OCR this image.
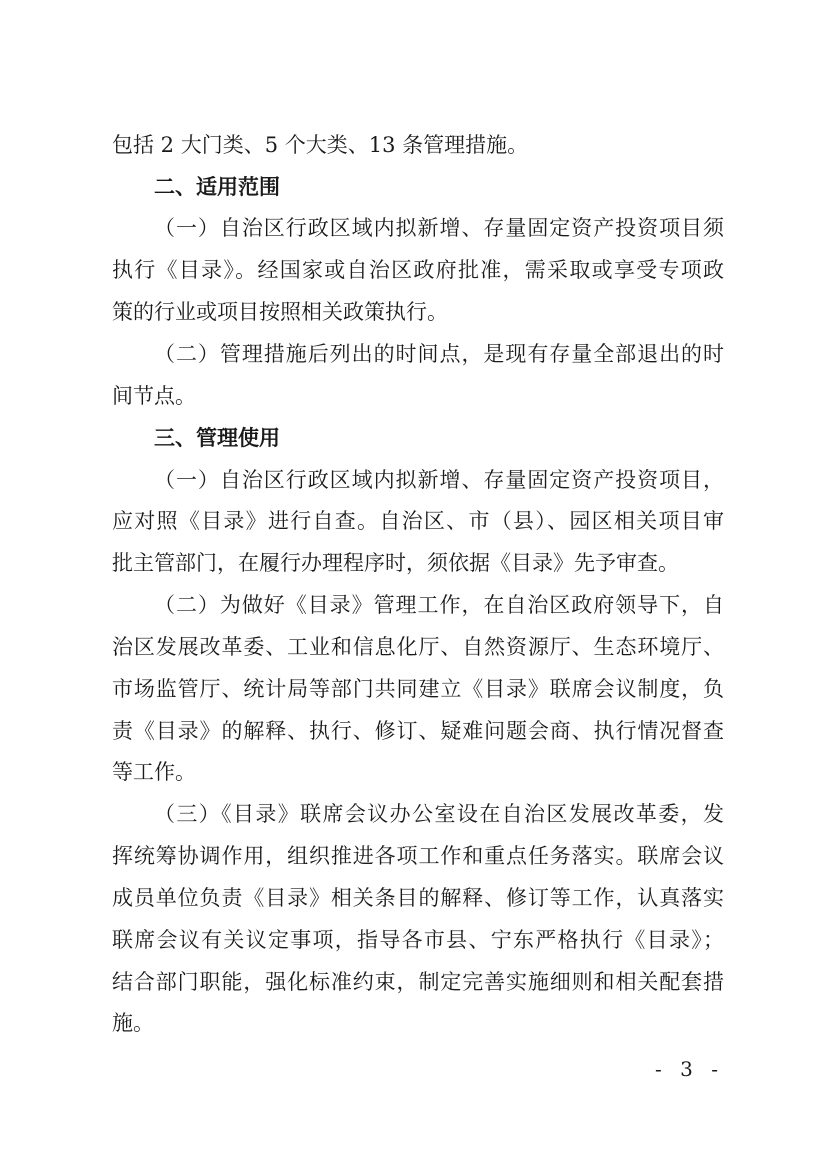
包括 2 大门类、5 个大类、13 条管理措施。
二、适用范围
（一）自治区行政区域内拟新增、存量固定资产投资项目须
执行《目录》。经国家或自治区政府批准，需采取或享受专项政
策的行业或项目按照相关政策执行。
（二）管理措施后列出的时间点，是现有存量全部退出的时
间节点。
三、管理使用
（一）自治区行政区域内拟新增、存量固定资产投资项目，
应对照《目录》进行自查。自治区、市（县）、园区相关项目审
批主管部门，在履行办理程序时，须依据《目录》先予审查。
（二）为做好《目录》管理工作，在自治区政府领导下，自
治区发展改革委、工业和信息化厅、自然资源厅、生态环境厅、
市场监管厅、统计局等部门共同建立《目录》联席会议制度，负
责《目录》的解释、执行、修订、疑难问题会商、执行情况督查
等工作。
（三）《目录》联席会议办公室设在自治区发展改革委，发
挥统筹协调作用，组织推进各项工作和重点任务落实。联席会议
成员单位负责《目录》相关条目的解释、修订等工作，认真落实
联席会议有关议定事项，指导各市县、宁东严格执行《目录》；
结合部门职能，强化标准约束，制定完善实施细则和相关配套措
施。
- 3 -
